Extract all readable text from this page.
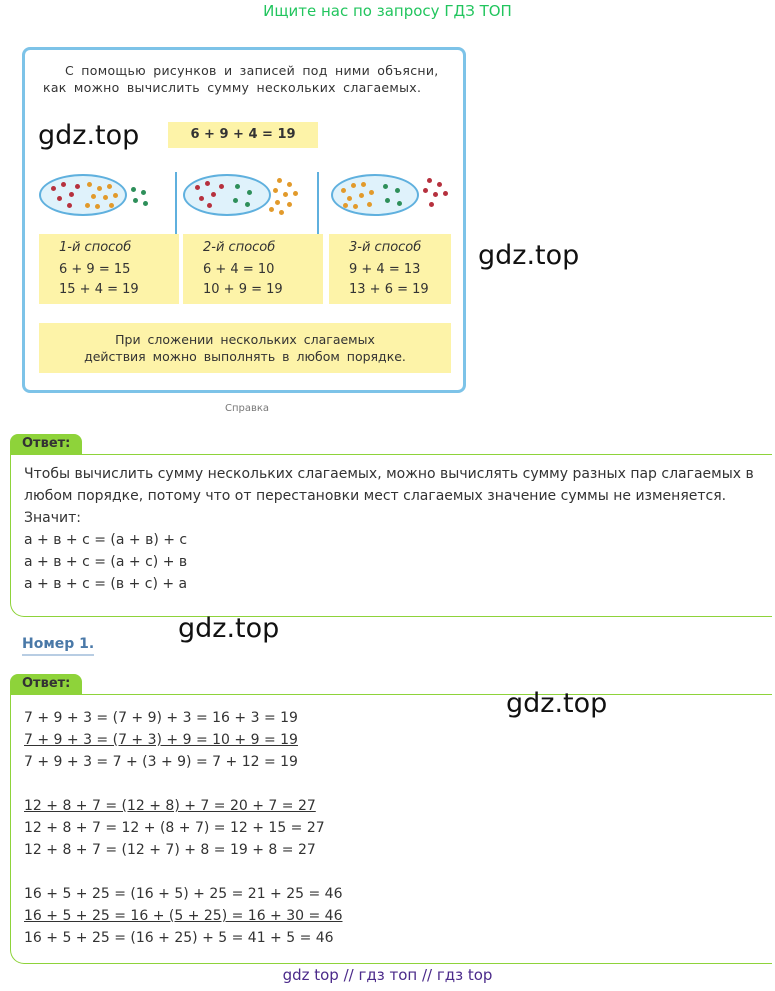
Ищите нас по запросу ГДЗ ТОП
С помощью рисунков и записей под ними объясни, как можно вычислить сумму нескольких слагаемых.
6 + 9 + 4 = 19
1-й способ
6 + 9 = 15
15 + 4 = 19
2-й способ
6 + 4 = 10
10 + 9 = 19
3-й способ
9 + 4 = 13
13 + 6 = 19
При сложении нескольких слагаемых
действия можно выполнять в любом порядке.
Справка
Ответ:
Чтобы вычислить сумму нескольких слагаемых, можно вычислять сумму разных пар слагаемых в
любом порядке, потому что от перестановки мест слагаемых значение суммы не изменяется.
Значит:
а + в + с = (а + в) + с
а + в + с = (а + с) + в
а + в + с = (в + с) + а
Номер 1.
Ответ:
7 + 9 + 3 = (7 + 9) + 3 = 16 + 3 = 19
7 + 9 + 3 = (7 + 3) + 9 = 10 + 9 = 19
7 + 9 + 3 = 7 + (3 + 9) = 7 + 12 = 19
12 + 8 + 7 = (12 + 8) + 7 = 20 + 7 = 27
12 + 8 + 7 = 12 + (8 + 7) = 12 + 15 = 27
12 + 8 + 7 = (12 + 7) + 8 = 19 + 8 = 27
16 + 5 + 25 = (16 + 5) + 25 = 21 + 25 = 46
16 + 5 + 25 = 16 + (5 + 25) = 16 + 30 = 46
16 + 5 + 25 = (16 + 25) + 5 = 41 + 5 = 46
gdz.top
gdz.top
gdz.top
gdz.top
gdz top // гдз топ // гдз top
